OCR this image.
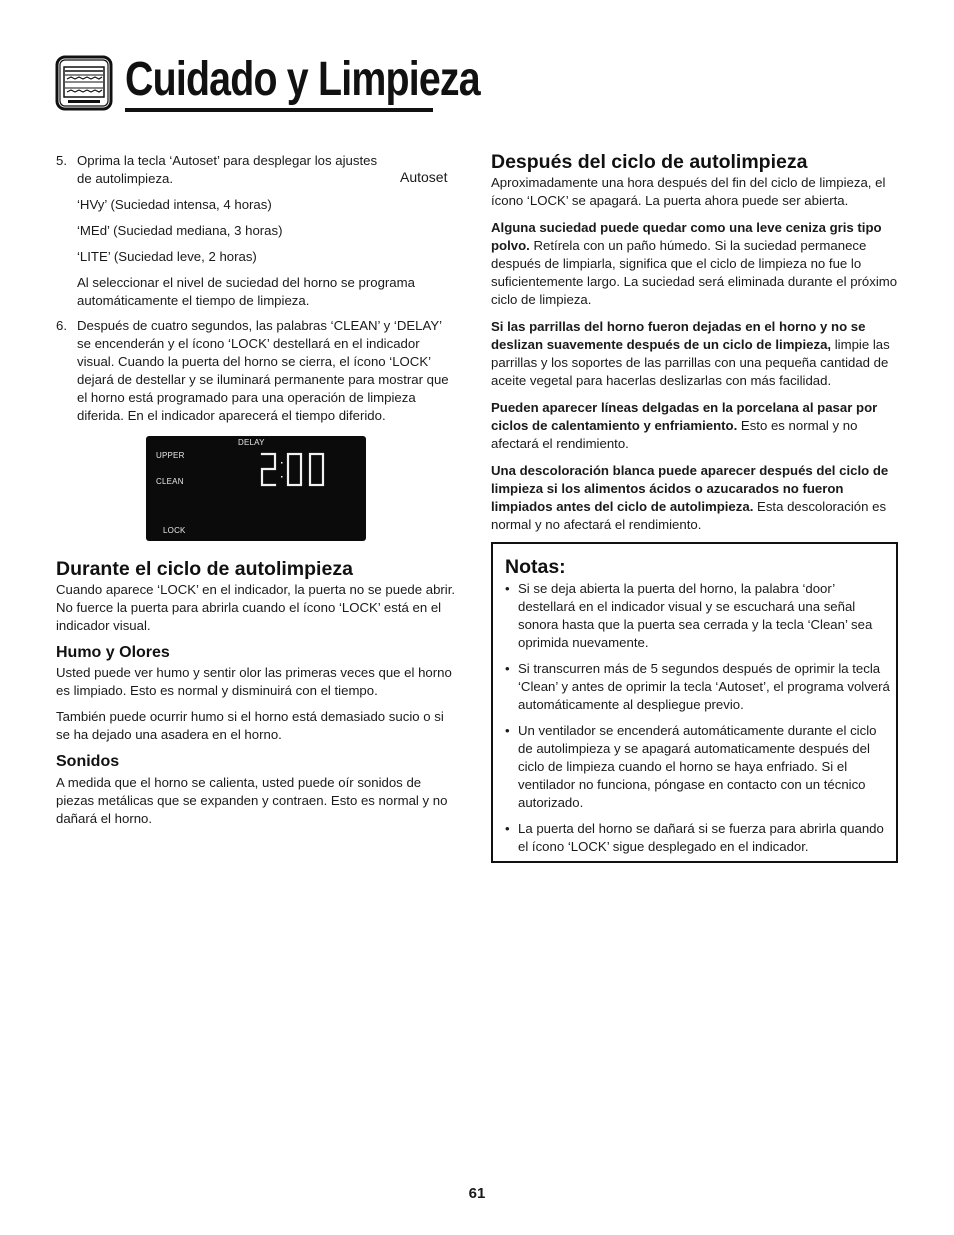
Cuidado y Limpieza
5. Oprima la tecla ‘Autoset’ para desplegar los ajustes de autolimpieza.	Autoset

‘HVy’ (Suciedad intensa, 4 horas)

‘MEd’ (Suciedad mediana, 3 horas)

‘LITE’ (Suciedad leve, 2 horas)

Al seleccionar el nivel de suciedad del horno se programa automáticamente el tiempo de limpieza.

6. Después de cuatro segundos, las palabras ‘CLEAN’ y ‘DELAY’ se encenderán y el ícono ‘LOCK’ destellará en el indicador visual. Cuando la puerta del horno se cierra, el ícono ‘LOCK’ dejará de destellar y se iluminará permanente para mostrar que el horno está programado para una operación de limpieza diferida. En el indicador aparecerá el tiempo diferido.

DELAY
UPPER
CLEAN
LOCK
2:00
Durante el ciclo de autolimpieza

Cuando aparece ‘LOCK’ en el indicador, la puerta no se puede abrir. No fuerce la puerta para abrirla cuando el ícono ‘LOCK’ está en el indicador visual.

Humo y Olores

Usted puede ver humo y sentir olor las primeras veces que el horno es limpiado. Esto es normal y disminuirá con el tiempo.

También puede ocurrir humo si el horno está demasiado sucio o si se ha dejado una asadera en el horno.

Sonidos

A medida que el horno se calienta, usted puede oír sonidos de piezas metálicas que se expanden y contraen. Esto es normal y no dañará el horno.

Después del ciclo de autolimpieza

Aproximadamente una hora después del fin del ciclo de limpieza, el ícono ‘LOCK’ se apagará. La puerta ahora puede ser abierta.

Alguna suciedad puede quedar como una leve ceniza gris tipo polvo. Retírela con un paño húmedo. Si la suciedad permanece después de limpiarla, significa que el ciclo de limpieza no fue lo suficientemente largo. La suciedad será eliminada durante el próximo ciclo de limpieza.

Si las parrillas del horno fueron dejadas en el horno y no se deslizan suavemente después de un ciclo de limpieza, limpie las parrillas y los soportes de las parrillas con una pequeña cantidad de aceite vegetal para hacerlas deslizarlas con más facilidad.

Pueden aparecer líneas delgadas en la porcelana al pasar por ciclos de calentamiento y enfriamiento. Esto es normal y no afectará el rendimiento.

Una descoloración blanca puede aparecer después del ciclo de limpieza si los alimentos ácidos o azucarados no fueron limpiados antes del ciclo de autolimpieza. Esta descoloración es normal y no afectará el rendimiento.

Notas:
• Si se deja abierta la puerta del horno, la palabra ‘door’ destellará en el indicador visual y se escuchará una señal sonora hasta que la puerta sea cerrada y la tecla ‘Clean’ sea oprimida nuevamente.
• Si transcurren más de 5 segundos después de oprimir la tecla ‘Clean’ y antes de oprimir la tecla ‘Autoset’, el programa volverá automáticamente al despliegue previo.
• Un ventilador se encenderá automáticamente durante el ciclo de autolimpieza y se apagará automaticamente después del ciclo de limpieza cuando el horno se haya enfriado. Si el ventilador no funciona, póngase en contacto con un técnico autorizado.
• La puerta del horno se dañará si se fuerza para abrirla quando el ícono ‘LOCK’ sigue desplegado en el indicador.
61
